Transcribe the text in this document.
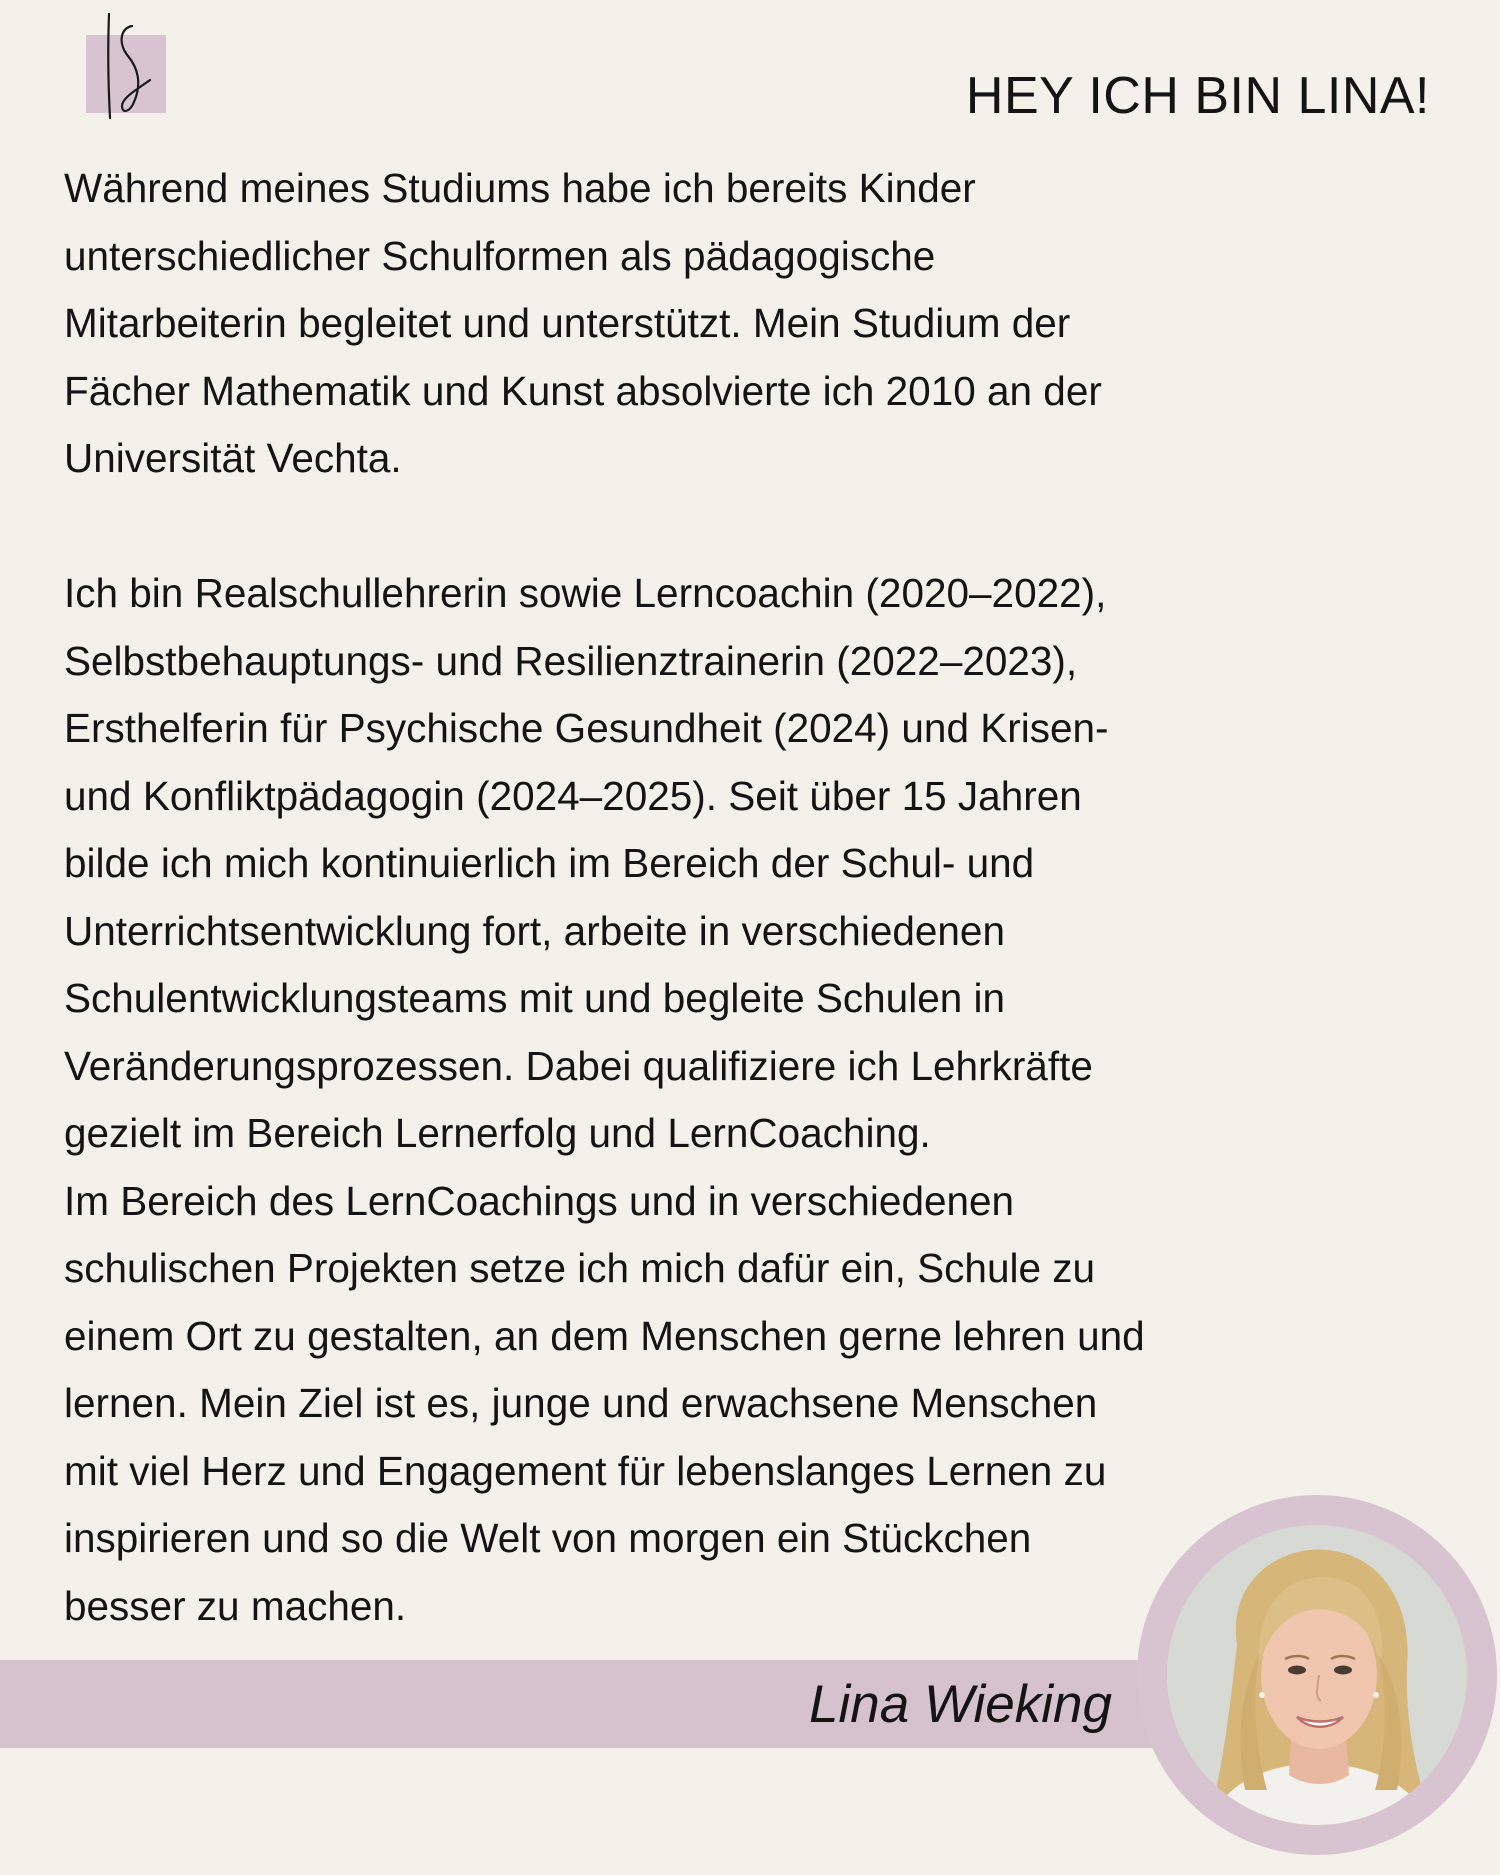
HEY ICH BIN LINA!

Während meines Studiums habe ich bereits Kinder
unterschiedlicher Schulformen als pädagogische
Mitarbeiterin begleitet und unterstützt. Mein Studium der
Fächer Mathematik und Kunst absolvierte ich 2010 an der
Universität Vechta.

Ich bin Realschullehrerin sowie Lerncoachin (2020–2022),
Selbstbehauptungs- und Resilienztrainerin (2022–2023),
Ersthelferin für Psychische Gesundheit (2024) und Krisen-
und Konfliktpädagogin (2024–2025). Seit über 15 Jahren
bilde ich mich kontinuierlich im Bereich der Schul- und
Unterrichtsentwicklung fort, arbeite in verschiedenen
Schulentwicklungsteams mit und begleite Schulen in
Veränderungsprozessen. Dabei qualifiziere ich Lehrkräfte
gezielt im Bereich Lernerfolg und LernCoaching.

Im Bereich des LernCoachings und in verschiedenen
schulischen Projekten setze ich mich dafür ein, Schule zu
einem Ort zu gestalten, an dem Menschen gerne lehren und
lernen. Mein Ziel ist es, junge und erwachsene Menschen
mit viel Herz und Engagement für lebenslanges Lernen zu
inspirieren und so die Welt von morgen ein Stückchen
besser zu machen.

Lina Wieking
